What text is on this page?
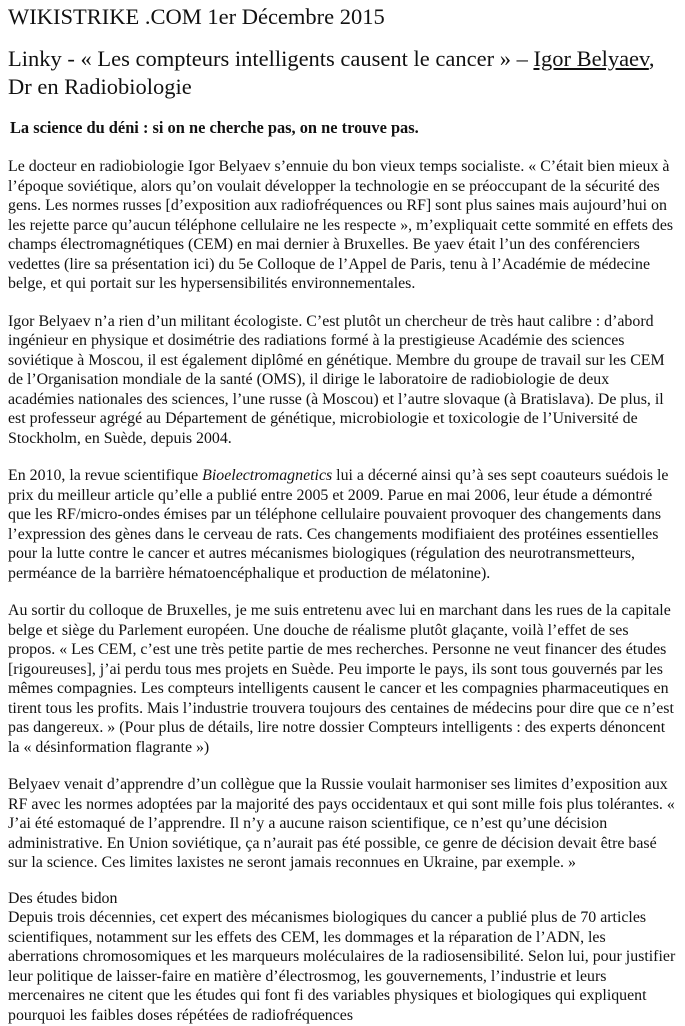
WIKISTRIKE .COM 1er Décembre 2015
Linky - « Les compteurs intelligents causent le cancer » – Igor Belyaev, Dr en Radiobiologie
La science du déni : si on ne cherche pas, on ne trouve pas.

Le docteur en radiobiologie Igor Belyaev s’ennuie du bon vieux temps socialiste. « C’était bien mieux à l’époque soviétique, alors qu’on voulait développer la technologie en se préoccupant de la sécurité des gens. Les normes russes [d’exposition aux radiofréquences ou RF] sont plus saines mais aujourd’hui on les rejette parce qu’aucun téléphone cellulaire ne les respecte », m’expliquait cette sommité en effets des champs électromagnétiques (CEM) en mai dernier à Bruxelles. Be yaev était l’un des conférenciers vedettes (lire sa présentation ici) du 5e Colloque de l’Appel de Paris, tenu à l’Académie de médecine belge, et qui portait sur les hypersensibilités environnementales.

Igor Belyaev n’a rien d’un militant écologiste. C’est plutôt un chercheur de très haut calibre : d’abord ingénieur en physique et dosimétrie des radiations formé à la prestigieuse Académie des sciences soviétique à Moscou, il est également diplômé en génétique. Membre du groupe de travail sur les CEM de l’Organisation mondiale de la santé (OMS), il dirige le laboratoire de radiobiologie de deux académies nationales des sciences, l’une russe (à Moscou) et l’autre slovaque (à Bratislava). De plus, il est professeur agrégé au Département de génétique, microbiologie et toxicologie de l’Université de Stockholm, en Suède, depuis 2004.

En 2010, la revue scientifique Bioelectromagnetics lui a décerné ainsi qu’à ses sept coauteurs suédois le prix du meilleur article qu’elle a publié entre 2005 et 2009. Parue en mai 2006, leur étude a démontré que les RF/micro-ondes émises par un téléphone cellulaire pouvaient provoquer des changements dans l’expression des gènes dans le cerveau de rats. Ces changements modifiaient des protéines essentielles pour la lutte contre le cancer et autres mécanismes biologiques (régulation des neurotransmetteurs, perméance de la barrière hématoencéphalique et production de mélatonine).

Au sortir du colloque de Bruxelles, je me suis entretenu avec lui en marchant dans les rues de la capitale belge et siège du Parlement européen. Une douche de réalisme plutôt glaçante, voilà l’effet de ses propos. « Les CEM, c’est une très petite partie de mes recherches. Personne ne veut financer des études [rigoureuses], j’ai perdu tous mes projets en Suède. Peu importe le pays, ils sont tous gouvernés par les mêmes compagnies. Les compteurs intelligents causent le cancer et les compagnies pharmaceutiques en tirent tous les profits. Mais l’industrie trouvera toujours des centaines de médecins pour dire que ce n’est pas dangereux. » (Pour plus de détails, lire notre dossier Compteurs intelligents : des experts dénoncent la « désinformation flagrante »)

Belyaev venait d’apprendre d’un collègue que la Russie voulait harmoniser ses limites d’exposition aux RF avec les normes adoptées par la majorité des pays occidentaux et qui sont mille fois plus tolérantes. « J’ai été estomaqué de l’apprendre. Il n’y a aucune raison scientifique, ce n’est qu’une décision administrative. En Union soviétique, ça n’aurait pas été possible, ce genre de décision devait être basé sur la science. Ces limites laxistes ne seront jamais reconnues en Ukraine, par exemple. »

Des études bidon

Depuis trois décennies, cet expert des mécanismes biologiques du cancer a publié plus de 70 articles scientifiques, notamment sur les effets des CEM, les dommages et la réparation de l’ADN, les aberrations chromosomiques et les marqueurs moléculaires de la radiosensibilité. Selon lui, pour justifier leur politique de laisser-faire en matière d’électrosmog, les gouvernements, l’industrie et leurs mercenaires ne citent que les études qui font fi des variables physiques et biologiques qui expliquent pourquoi les faibles doses répétées de radiofréquences
